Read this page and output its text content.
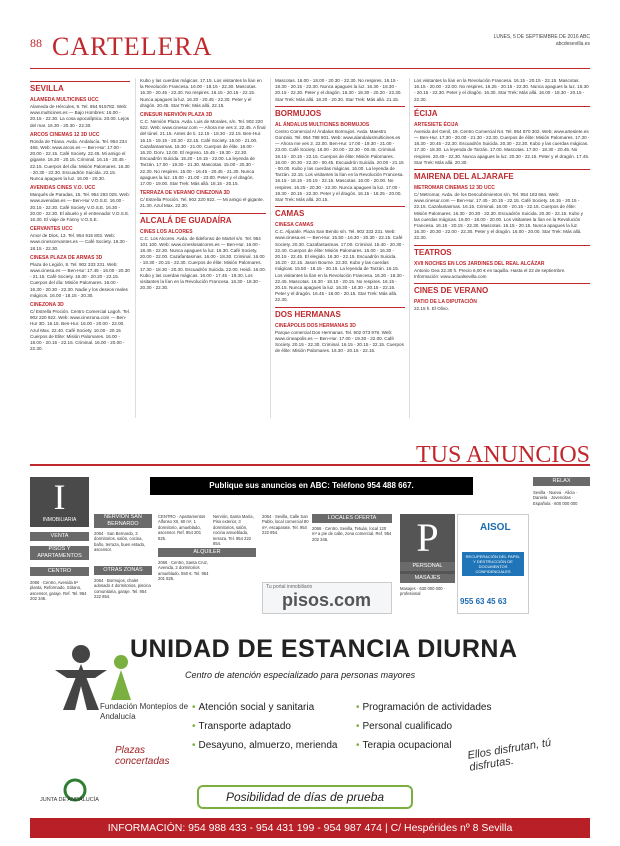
88 CARTELERA	LUNES, 5 DE SEPTIEMBRE DE 2016 ABC
abcdesevilla.es
SEVILLA
ALAMEDA MULTICINES UCC

Alameda de Hércules, 9. Tel. 954 915782. Web: www.multicines.es — Bajo Hombres: 16.00 - 20.15 - 22.30. La cosa apocalíptica. 20.00. Lejos del mar. 16.30 - 20.30 - 22.30.

ARCOS CINEMAS 12 3D UCC

Ronda de Triana. Avda. Andalucía. Tel. 954 234 466. Web: www.arcos.es — Ben-Hur: 17.00 - 20.00 - 22.15. Café Society. 22.45. Mi amigo el gigante. 16.30 - 20.15. Criminal. 16.15 - 20.45 - 22.15. Cuerpos del día: Misión Palomares. 16.30 - 20.30 - 22.30. Escuadrón Suicida. 22.15. Nunca apagues la luz. 16.00 - 20.30.

AVENIDAS CINES V.O. UCC

Marqués de Paradas, 15. Tel. 954 293 025. Web: www.avenidas.es — Ben-Hur V.O.S.E. 16.00 - 20.15 - 22.30. Café Society V.O.S.E. 16.30 - 20.00 - 22.30. El abuelo y el entrenador V.O.S.E. 16.30. El viaje de Fanny V.O.S.E.

CERVANTES UCC

Amor de Dios, 13. Tel. 954 915 803. Web: www.cinescervantes.es — Café Society. 16.30 - 18.15 - 22.30.

CINESA PLAZA DE ARMAS 3D

Plaza de Legión, 8. Tel. 902 333 231. Web: www.cinesa.es — Ben-Hur: 17.45 - 16.00 - 20.30 - 21.15. Café Society. 16.30 - 20.20 - 22.15. Cuerpos del día: Misión Palomares. 16.00 - 16.30 - 20.30 - 22.30. Nadie y los deseos reales mágicos. 16.00 - 18.15 - 20.30.

CINEZONA 3D

C/ Estrella Proción. Centro Comercial Lagoh. Tel. 902 220 922. Web: www.cinezona.com — Ben-Hur 3D. 16.15. Ben-Hur. 16.00 - 20.00 - 22.00. Azul Max. 22.40. Café Society. 16.00 - 20.15 Cuerpos de Elite: Misión Palomares. 16.00 - 18.00 - 20.15 - 22.15. Criminal. 16.00 - 20.00 - 22.30.

Kubo y las cuerdas mágicas. 17.15. Los visitantes la lían en la Revolución Francesa. 16.00 - 18.15 - 22.30. Mascotas. 16.30 - 20.45 - 22.30. No respires. 16.15 - 20.15 - 22.15. Nunca apagues la luz. 16.20 - 20.45 - 22.30. Peter y el dragón. 20.45. Star Trek: Más allá. 22.15.

CINESUR NERVIÓN PLAZA 3D

C.C. Nervión Plaza. Avda. Luis de Morales, s/n. Tel. 902 220 622. Web: www.cinesur.com — Ahora me ves 2. 22.45. A final del túnel. 21.15. Antes de ti. 12.15 - 18.30 - 22.15. Ben-Hur. 16.15 - 19.15 - 20.30 - 22.15. Café Society. 15.00 - 21.00. Cazafantasmas. 16.30 - 21.00. Cuerpos de élite. 16.00 - 16.20. Dorv. 12.00. El regreso. 15.45 - 19.30 - 22.30. Escuadrón Suicida. 15.20 - 19.15 - 22.00. La leyenda de Tarzán. 17.00 - 19.30 - 21.30. Mascotas. 15.00 - 20.30 - 22.30. No respires. 15.00 - 16.45 - 20.45 - 21.30. Nunca apagues la luz. 15.00 - 21.00 - 23.00. Peter y el dragón. 17.00 - 19.00. Star Trek: Más allá. 18.15 - 20.15.

TERRAZA DE VERANO CINEZONA 3D

C/ Estrella Proción. Tel. 902 220 922. — Mi amigo el gigante. 21.30. Azul Max. 22.30.

ALCALÁ DE GUADAÍRA
CINES LOS ALCORES

C.C. Los Alcores. Avda. de Ildefonso de Martel s/n. Tel. 954 101 100. Web: www.cineslosalcores.es — Ben-Hur. 16.00 - 18.45 - 22.30. Nunca apagues la luz. 16.30. Café Society. 20.00 - 22.00. Cazafantasmas. 16.00 - 18.30. Criminal. 16.00 - 18.30 - 20.15 - 22.30. Cuerpos de élite: Misión Palomares. 17.30 - 18.30 - 20.30. Escuadrón Suicida. 22.00. Heidi. 16.00. Kubo y las cuerdas mágicas. 16.00 - 17.45 - 19.30. Los visitantes la lían en la Revolución Francesa. 16.30 - 18.30 - 20.30 - 22.30.

Mascotas. 16.00 - 18.00 - 20.30 - 22.30. No respires. 16.15 - 18.30 - 20.15 - 22.30. Nunca apagues la luz. 16.30 - 18.30 - 20.15 - 22.30. Peter y el dragón. 16.30 - 18.30 - 20.20 - 22.30. Star Trek: Más allá. 18.20 - 20.30. Star Trek: Más allá. 21.15.

BORMUJOS
AL ÁNDALUS MULTICINES BORMUJOS

Centro Comercial Al Ándalus Bormujos. Avda. Maestro Gonzalo. Tel. 954 788 601. Web: www.alandalusmulticines.es — Ahora me ves 2. 22.00. Ben-Hur. 17.00 - 19.30 - 21.00 - 23.00. Café Society. 18.00 - 20.00 - 22.30 - 00.45. Criminal. 16.15 - 20.15 - 22.15. Cuerpos de élite: Misión Palomares. 16.00 - 20.30 - 22.30 - 00.45. Escuadrón Suicida. 20.00 - 21.15 - 00.00. Kubo y las cuerdas mágicas. 16.00. La leyenda de Tarzán. 22.15. Los visitantes la lían en la Revolución Francesa. 16.15 - 18.15 - 20.15 - 22.15. Mascotas. 16.00 - 20.00. No respires. 16.25 - 20.30 - 22.30. Nunca apagues la luz. 17.00 - 19.30 - 20.15 - 22.30. Peter y el dragón. 16.15 - 18.25 - 20.00. Star Trek: Más allá. 20.15.

CAMAS
CINESA CAMAS

C.C. Aljarafe. Plaza San Benito s/n. Tel. 902 333 231. Web: www.cinesa.es — Ben-Hur. 15.50 - 16.30 - 20.30 - 22.15. Café Society. 20.30. Cazafantasmas. 17.00. Criminal. 15.40 - 20.30 - 22.40. Cuerpos de élite: Misión Palomares. 16.00 - 16.30 - 20.15 - 22.45. El elegido. 16.30 - 22.15. Escuadrón Suicida. 16.20 - 22.15. Jason Bourne. 22.30. Kubo y las cuerdas mágicas. 15.50 - 18.15 - 20.15. La leyenda de Tarzán. 16.15. Los visitantes la lían en la Revolución Francesa. 16.30 - 18.30 - 22.45. Mascotas. 16.30 - 18.10 - 20.15. No respires. 16.15 - 20.15. Nunca apagues la luz. 16.30 - 18.30 - 20.15 - 22.15. Peter y el dragón. 16.45 - 18.00 - 20.15. Star Trek: Más allá. 22.30.

DOS HERMANAS
CINEÁPOLIS DOS HERMANAS 3D

Parque comercial Dos Hermanas. Tel. 902 073 978. Web: www.cineapolis.es — Ben-Hur. 17.00 - 19.30 - 22.00. Café Society. 20.15 - 22.30. Criminal. 16.15 - 20.15 - 22.15. Cuerpos de élite: Misión Palomares. 16.30 - 20.15 - 22.15.

Los visitantes la lían en la Revolución Francesa. 16.15 - 20.15 - 22.15. Mascotas. 16.15 - 20.00 - 22.00. No respires. 16.25 - 20.15 - 22.30. Nunca apagues la luz. 16.30 - 20.15 - 22.30. Peter y el dragón. 16.30. Star Trek: Más allá. 16.00 - 18.30 - 20.15 - 22.30.

ÉCIJA
ARTESIETE ÉCIJA

Avenida del Genil, 19. Centro Comercial N4. Tel. 954 870 302. Web: www.artesiete.es — Ben-Hur. 17.30 - 20.00 - 21.30 - 22.30. Cuerpos de élite: Misión Palomares. 17.30 - 18.30 - 20.45 - 22.30. Escuadrón Suicida. 20.30 - 22.30. Kubo y las cuerdas mágicas. 17.30 - 18.30. La leyenda de Tarzán. 17.00. Mascotas. 17.00 - 18.30 - 20.45. No respires. 20.45 - 22.30. Nunca apagues la luz. 20.30 - 22.15. Peter y el dragón. 17.45. Star Trek: Más allá. 20.30.

MAIRENA DEL ALJARAFE
METROMAR CINEMAS 12 3D UCC

C/ Metromar, Avda. de los Descubrimientos s/n. Tel. 954 183 664. Web: www.cinesur.com — Ben-Hur. 17.45 - 20.15 - 22.15. Café Society. 16.15 - 20.15 - 22.15. Cazafantasmas. 16.15. Criminal. 16.00 - 20.15 - 22.15. Cuerpos de élite: Misión Palomares. 16.30 - 20.30 - 22.30. Escuadrón Suicida. 20.30 - 22.15. Kubo y las cuerdas mágicas. 16.00 - 18.00 - 20.00. Los visitantes la lían en la Revolución Francesa. 16.15 - 20.15 - 22.30. Mascotas. 16.15 - 20.15. Nunca apagues la luz. 16.30 - 20.30 - 22.00 - 22.30. Peter y el dragón. 16.00 - 20.00. Star Trek: Más allá. 22.30.

TEATROS
XVII NOCHES EN LOS JARDINES DEL REAL ALCÁZAR

Antonio Gea 22.30 h. Precio 6,00 € en taquilla. Hasta el 22 de septiembre. Información: www.actualsevilla.com

CINES DE VERANO
PATIO DE LA DIPUTACIÓN

22.15 h. El Olivo.

TUS ANUNCIOS
Publique sus anuncios en ABC: Teléfono 954 488 667.
I
INMOBILIARIA
VENTA
PISOS Y APARTAMENTOS
CENTRO
2066 · Centro, Avenida 5ª planta, Reformado, Sótano, ascensor, garaje. Ref. Tel. 954 202 346.
NERVIÓN SAN BERNARDO
2064 · San Bernardo, 3 dormitorios, salón, cocina, baño, terraza, buen estado, ascensor.
OTRAS ZONAS
2064 · Bormujos, chalet adosado 4 dormitorios, piscina comunitaria, garaje. Tel. 954 222 854.
CENTRO · Apartamentos Alfonso XII, 60 m², 1 dormitorio, amueblado, ascensor. Ref. 954 201 825.
ALQUILER
2066 · Centro, Santa Cruz, Avenida, 2 dormitorios amueblado, 550 €. Tel. 954 201 825.
Nervión, Santa María, Piso exterior, 3 dormitorios, salón, cocina amueblada, terraza. Tel. 954 222 854.
2064 · Sevilla, Calle San Pablo, local comercial 80 m², escaparate. Tel. 954 222 854.
LOCALES OFERTA
2066 · Centro, Sevilla, Tetuán, local 120 m² a pie de calle, zona comercial. Ref. 954 202 346.
Tu portal inmobiliario
pisos.com
P
PERSONAL
MASAJES
Masajes · 630 000 000 · profesional
AISOL
RECUPERACIÓN DEL PAPEL Y DESTRUCCIÓN DE DOCUMENTOS CONFIDENCIALES
955 63 45 63
RELAX
Sevilla · Nueva · Alicia · Daniela · Jovencitas · Española · 600 000 000
UNIDAD DE ESTANCIA DIURNA
Centro de atención especializado para personas mayores
Fundación Montepíos de Andalucía
Plazas concertadas
JUNTA DE ANDALUCÍA
• Atención social y sanitaria
• Transporte adaptado
• Desayuno, almuerzo, merienda
• Programación de actividades
• Personal cualificado
• Terapia ocupacional Ellos disfrutan, tú disfrutas.
Posibilidad de días de prueba
INFORMACIÓN: 954 988 433 - 954 431 199 - 954 987 474 | C/ Hespérides nº 8 Sevilla
